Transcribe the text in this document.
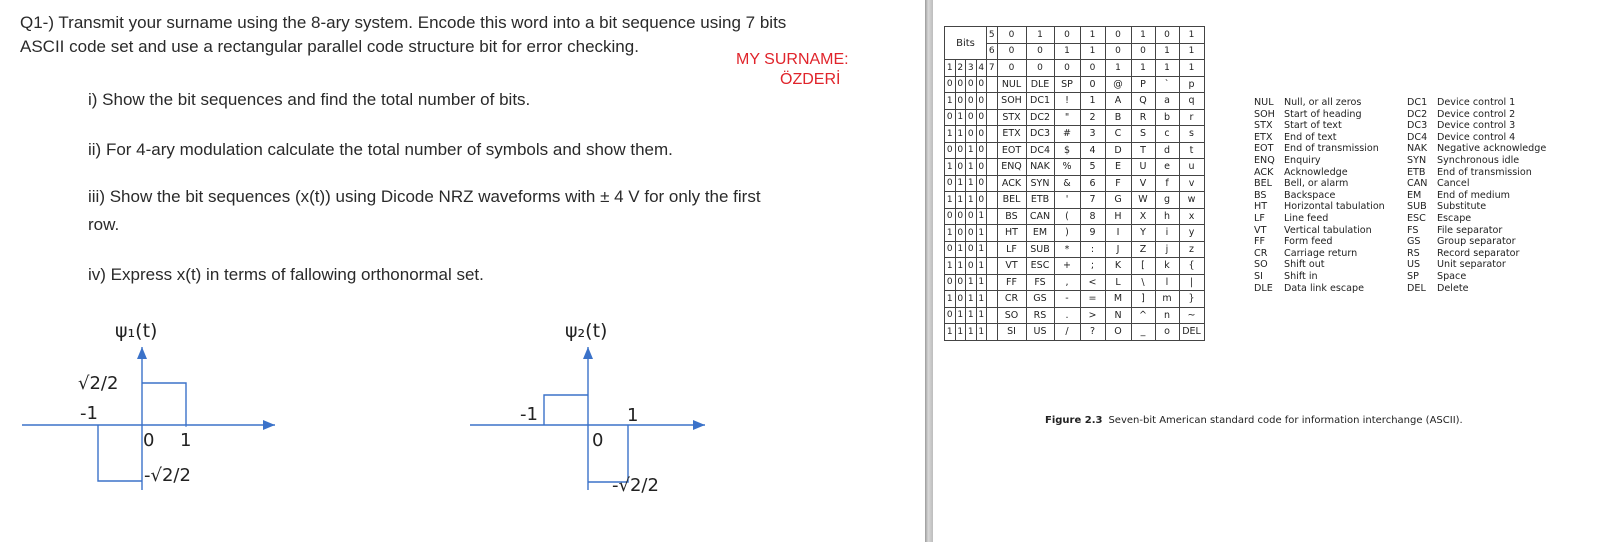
Q1-) Transmit your surname using the 8-ary system. Encode this word into a bit sequence using 7 bits
ASCII code set and use a rectangular parallel code structure bit for error checking.
MY SURNAME:
ÖZDERİ
i) Show the bit sequences and find the total number of bits.
ii) For 4-ary modulation calculate the total number of symbols and show them.
iii) Show the bit sequences (x(t)) using Dicode NRZ waveforms with ± 4 V for only the first
row.
iv) Express x(t) in terms of fallowing orthonormal set.
ψ₁(t)
√2/2
-1
0 1
-√2/2
ψ₂(t)
-1	1
0
-√2/2
Bits				5	0	1	0	1	0	1	0	1
				6	0	0	1	1	0	0	1	1
1	2	3	4	7	0	0	0	0	1	1	1	1
0	0	0	0		NUL	DLE	SP	0	@	P	`	p
1	0	0	0		SOH	DC1	!	1	A	Q	a	q
0	1	0	0		STX	DC2	"	2	B	R	b	r
1	1	0	0		ETX	DC3	#	3	C	S	c	s
0	0	1	0		EOT	DC4	$	4	D	T	d	t
1	0	1	0		ENQ	NAK	%	5	E	U	e	u
0	1	1	0		ACK	SYN	&	6	F	V	f	v
1	1	1	0		BEL	ETB	'	7	G	W	g	w
0	0	0	1		BS	CAN	(	8	H	X	h	x
1	0	0	1		HT	EM	)	9	I	Y	i	y
0	1	0	1		LF	SUB	*	:	J	Z	j	z
1	1	0	1		VT	ESC	+	;	K	[	k	{
0	0	1	1		FF	FS	,	<	L	\	l	|
1	0	1	1		CR	GS	-	=	M	]	m	}
0	1	1	1		SO	RS	.	>	N	^	n	~
1	1	1	1		SI	US	/	?	O	_	o	DEL
NUL	Null, or all zeros
SOH Start of heading
STX	Start of text
ETX	End of text
EOT	End of transmission
ENQ Enquiry
ACK	Acknowledge
BEL	Bell, or alarm
BS	Backspace
HT	Horizontal tabulation
LF	Line feed
VT	Vertical tabulation
FF	Form feed
CR	Carriage return
SO	Shift out
SI	Shift in
DLE	Data link escape
DC1	Device control 1
DC2	Device control 2
DC3	Device control 3
DC4	Device control 4
NAK	Negative acknowledge
SYN	Synchronous idle
ETB	End of transmission
CAN Cancel
EM	End of medium
SUB	Substitute
ESC	Escape
FS	File separator
GS	Group separator
RS	Record separator
US	Unit separator
SP	Space
DEL	Delete
Figure 2.3 Seven-bit American standard code for information interchange (ASCII).
